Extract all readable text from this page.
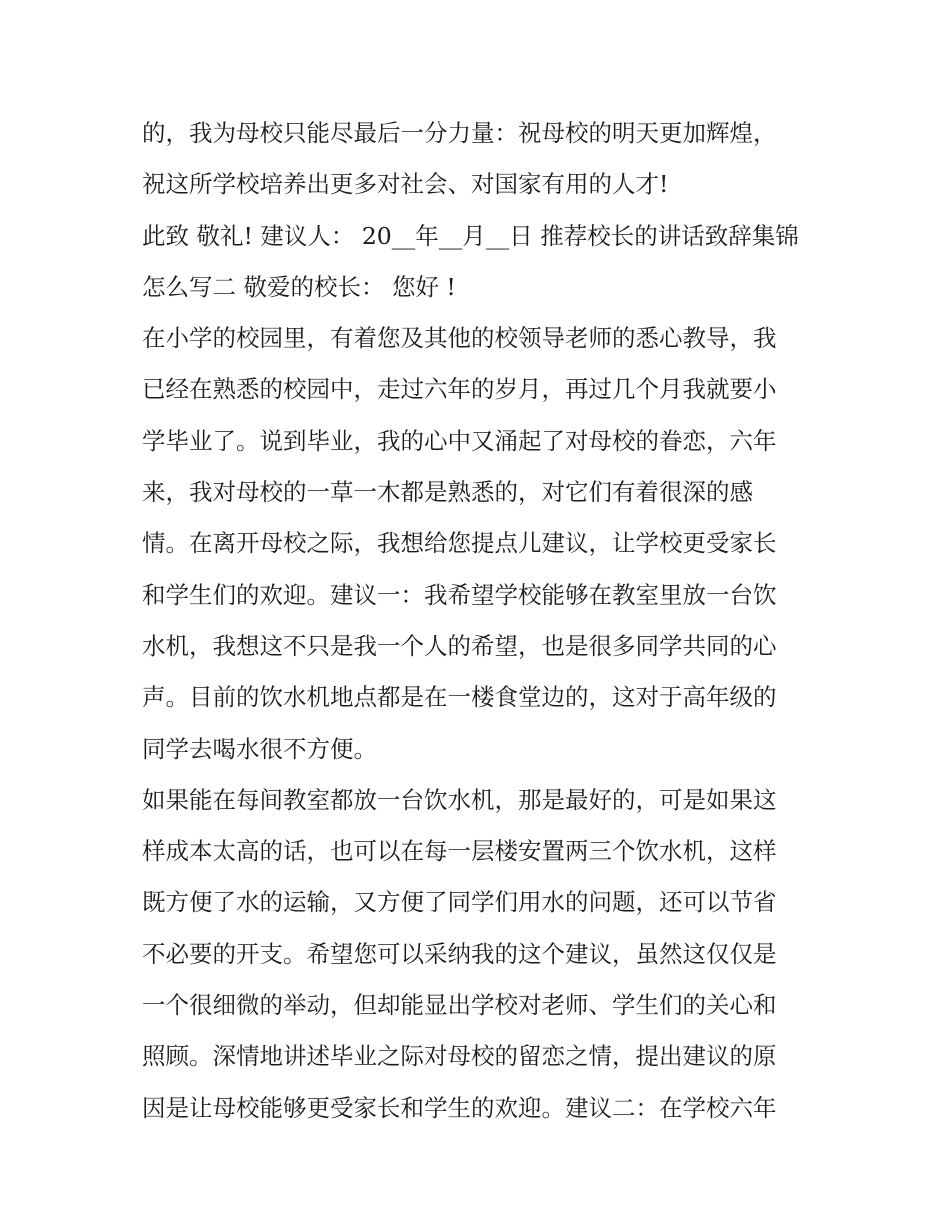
的，我为母校只能尽最后一分力量：祝母校的明天更加辉煌，
祝这所学校培养出更多对社会、对国家有用的人才!
此致 敬礼! 建议人： 20__年__月__日 推荐校长的讲话致辞集锦
怎么写二 敬爱的校长： 您好 !
在小学的校园里，有着您及其他的校领导老师的悉心教导，我
已经在熟悉的校园中，走过六年的岁月，再过几个月我就要小
学毕业了。说到毕业，我的心中又涌起了对母校的眷恋，六年
来，我对母校的一草一木都是熟悉的，对它们有着很深的感
情。在离开母校之际，我想给您提点儿建议，让学校更受家长
和学生们的欢迎。建议一：我希望学校能够在教室里放一台饮
水机，我想这不只是我一个人的希望，也是很多同学共同的心
声。目前的饮水机地点都是在一楼食堂边的，这对于高年级的
同学去喝水很不方便。
如果能在每间教室都放一台饮水机，那是最好的，可是如果这
样成本太高的话，也可以在每一层楼安置两三个饮水机，这样
既方便了水的运输，又方便了同学们用水的问题，还可以节省
不必要的开支。希望您可以采纳我的这个建议，虽然这仅仅是
一个很细微的举动，但却能显出学校对老师、学生们的关心和
照顾。深情地讲述毕业之际对母校的留恋之情，提出建议的原
因是让母校能够更受家长和学生的欢迎。建议二：在学校六年
